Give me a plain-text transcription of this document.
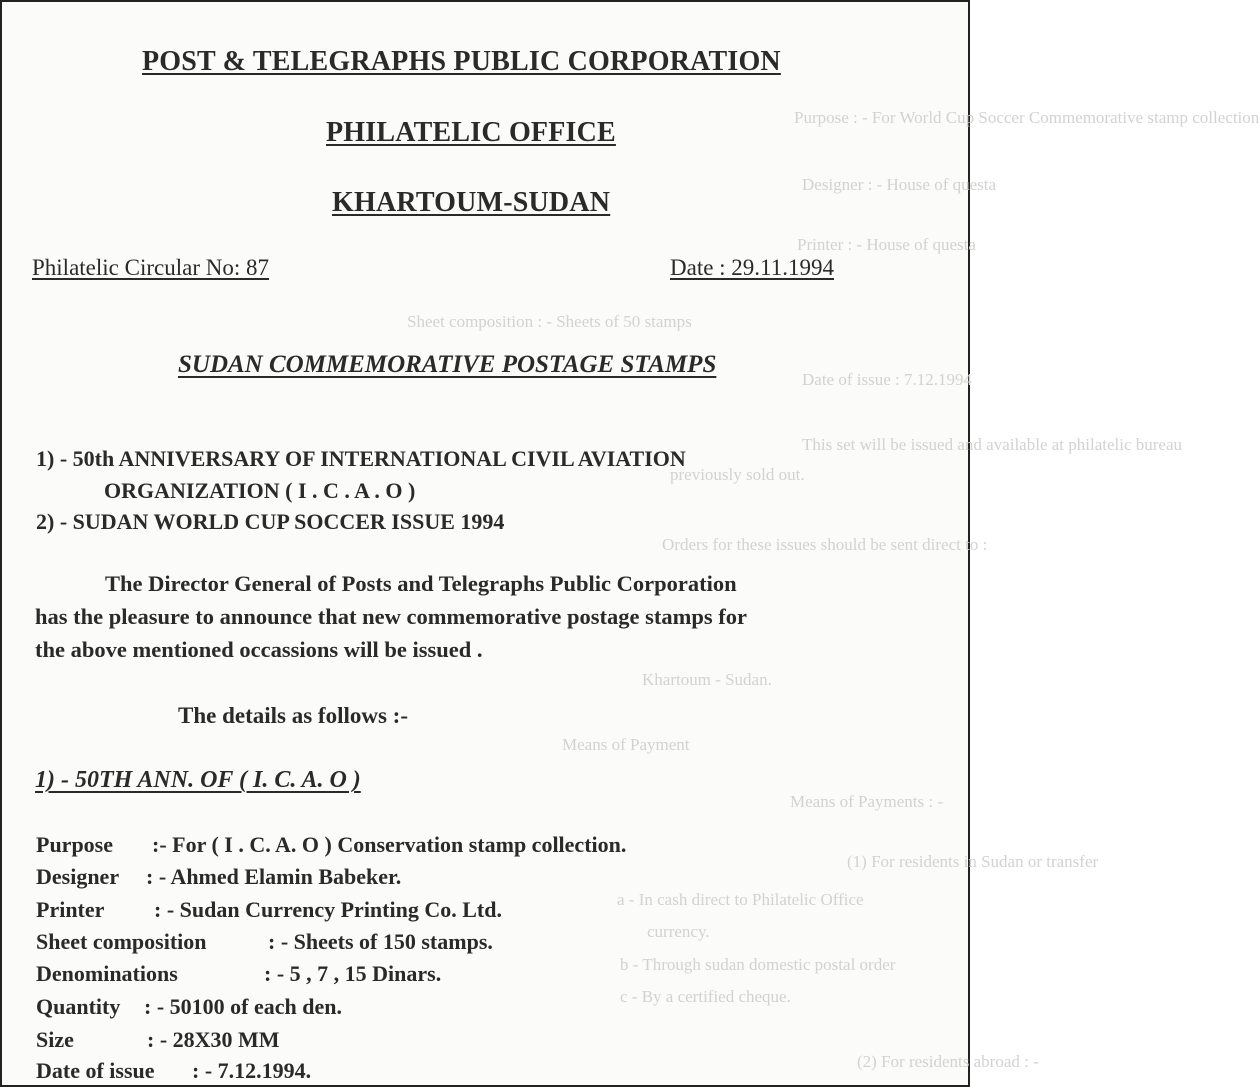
Purpose : - For World Cup Soccer Commemorative stamp collection
Designer : - House of questa
Printer : - House of questa
Sheet composition : - Sheets of 50 stamps
Date of issue : 7.12.1994
This set will be issued and available at philatelic bureau
previously sold out.
Orders for these issues should be sent direct to :
Khartoum - Sudan.
Means of Payment
Means of Payments : -
(1) For residents in Sudan or transfer
a - In cash direct to Philatelic Office
currency.
b - Through sudan domestic postal order
c - By a certified cheque.
(2) For residents abroad : -
POST & TELEGRAPHS PUBLIC CORPORATION
PHILATELIC OFFICE
KHARTOUM-SUDAN
Philatelic Circular No: 87	Date : 29.11.1994
SUDAN COMMEMORATIVE POSTAGE STAMPS
1) - 50th ANNIVERSARY OF INTERNATIONAL CIVIL AVIATION
ORGANIZATION ( I . C . A . O )
2) - SUDAN WORLD CUP SOCCER ISSUE 1994
The Director General of Posts and Telegraphs Public Corporation
has the pleasure to announce that new commemorative postage stamps for
the above mentioned occassions will be issued .
The details as follows :-
1) - 50TH ANN. OF ( I. C. A. O )
Purpose :- For ( I . C. A. O ) Conservation stamp collection.
Designer : - Ahmed Elamin Babeker.
Printer : - Sudan Currency Printing Co. Ltd.
Sheet composition	: - Sheets of 150 stamps.
Denominations	: - 5 , 7 , 15 Dinars.
Quantity : - 50100 of each den.
Size	: - 28X30 MM
Date of issue : - 7.12.1994.
